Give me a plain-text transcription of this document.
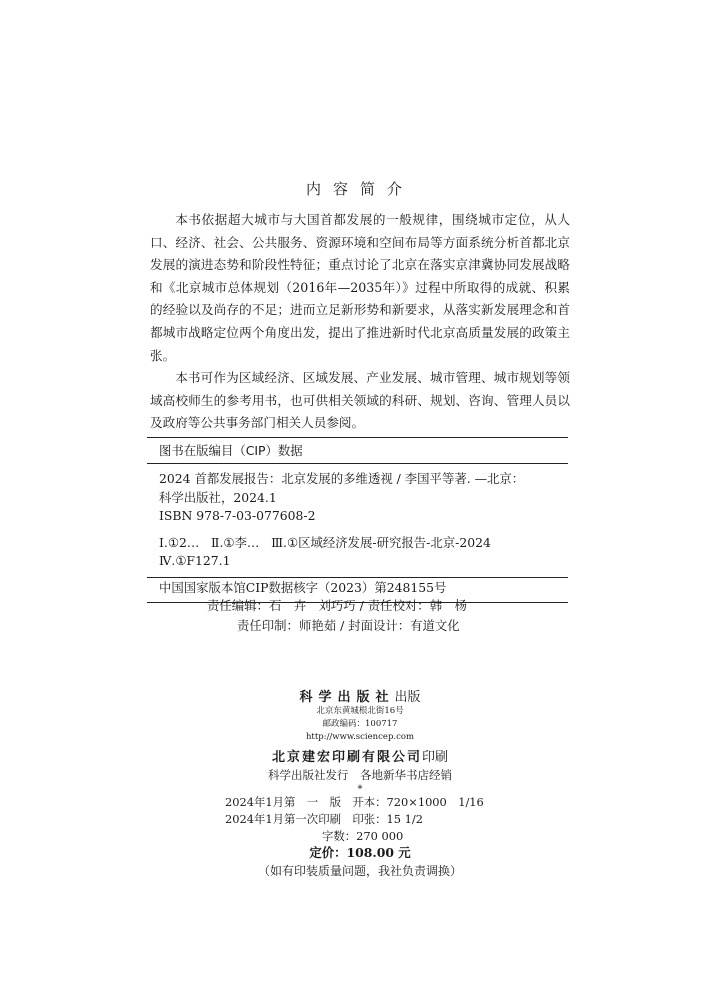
内容简介

本书依据超大城市与大国首都发展的一般规律，围绕城市定位，从人口、经济、社会、公共服务、资源环境和空间布局等方面系统分析首都北京发展的演进态势和阶段性特征；重点讨论了北京在落实京津冀协同发展战略和《北京城市总体规划（2016年—2035年）》过程中所取得的成就、积累的经验以及尚存的不足；进而立足新形势和新要求，从落实新发展理念和首都城市战略定位两个角度出发，提出了推进新时代北京高质量发展的政策主张。

本书可作为区域经济、区域发展、产业发展、城市管理、城市规划等领域高校师生的参考用书，也可供相关领域的科研、规划、咨询、管理人员以及政府等公共事务部门相关人员参阅。

图书在版编目（CIP）数据
2024 首都发展报告：北京发展的多维透视 / 李国平等著. —北京：
科学出版社，2024.1
ISBN 978-7-03-077608-2
Ⅰ.①2…   Ⅱ.①李…   Ⅲ.①区域经济发展-研究报告-北京-2024
Ⅳ.①F127.1
中国国家版本馆CIP数据核字（2023）第248155号
责任编辑：石　卉　刘巧巧 / 责任校对：韩　杨
责任印制：师艳茹 / 封面设计：有道文化
科学出版社出版
北京东黄城根北街16号
邮政编码：100717
http://www.sciencep.com
北京建宏印刷有限公司印刷
科学出版社发行　各地新华书店经销
*
2024年1月第　一　版　开本：720×1000　1/16
2024年1月第一次印刷　印张：15 1/2
字数：270 000
定价：108.00 元
（如有印装质量问题，我社负责调换）
